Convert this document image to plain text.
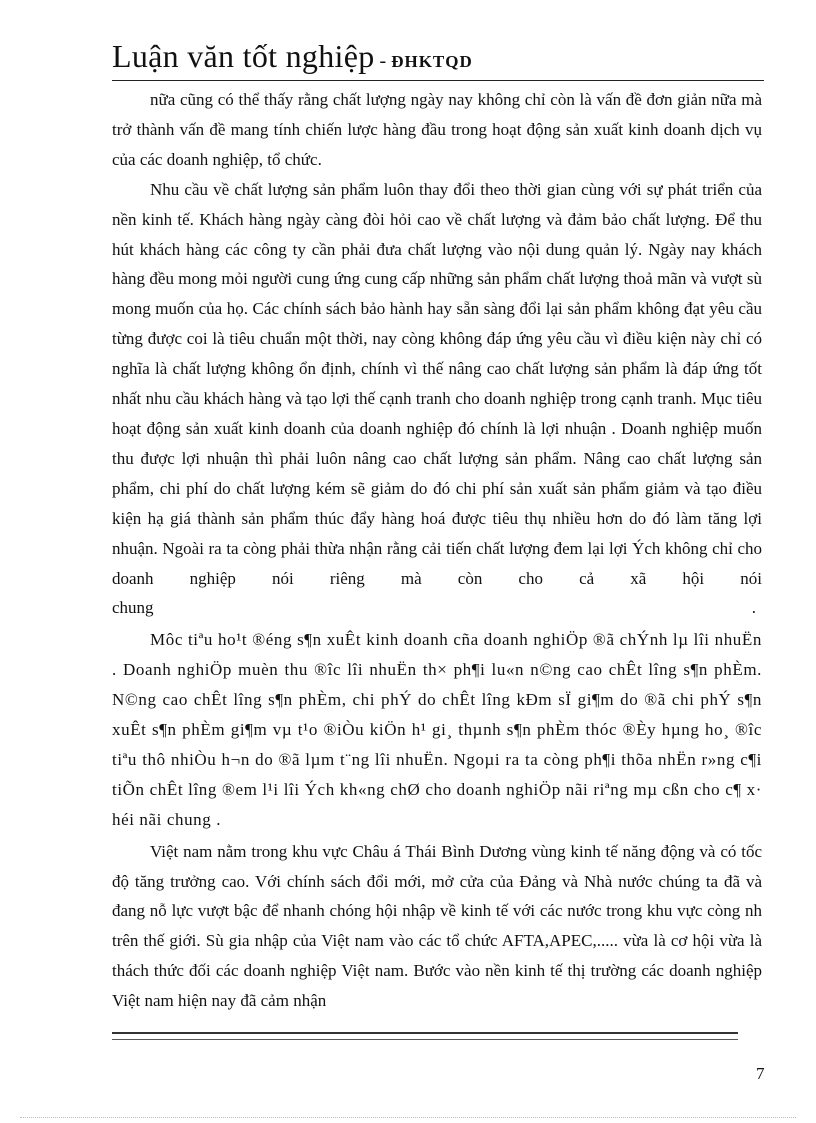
Luận văn tốt nghiệp - ĐHKTQD

nữa cũng có thể thấy rằng chất lượng ngày nay không chỉ còn là vấn đề đơn giản nữa mà trở thành vấn đề mang tính chiến lược hàng đầu trong hoạt động sản xuất kinh doanh dịch vụ của các doanh nghiệp, tổ chức.

Nhu cầu về chất lượng sản phẩm luôn thay đổi theo thời gian cùng với sự phát triển của nền kinh tế. Khách hàng ngày càng đòi hỏi cao về chất lượng và đảm bảo chất lượng. Để thu hút khách hàng các công ty cần phải đưa chất lượng vào nội dung quản lý. Ngày nay khách hàng đều mong mỏi người cung ứng cung cấp những sản phẩm chất lượng thoả mãn và vượt sù mong muốn của họ. Các chính sách bảo hành hay sẵn sàng đổi lại sản phẩm không đạt yêu cầu từng được coi là tiêu chuẩn một thời, nay còng không đáp ứng yêu cầu vì điều kiện này chỉ có nghĩa là chất lượng không ổn định, chính vì thế nâng cao chất lượng sản phẩm là đáp ứng tốt nhất nhu cầu khách hàng và tạo lợi thế cạnh tranh cho doanh nghiệp trong cạnh tranh. Mục tiêu hoạt động sản xuất kinh doanh của doanh nghiệp đó chính là lợi nhuận . Doanh nghiệp muốn thu được lợi nhuận thì phải luôn nâng cao chất lượng sản phẩm. Nâng cao chất lượng sản phẩm, chi phí do chất lượng kém sẽ giảm do đó chi phí sản xuất sản phẩm giảm và tạo điều kiện hạ giá thành sản phẩm thúc đẩy hàng hoá được tiêu thụ nhiều hơn do đó làm tăng lợi nhuận. Ngoài ra ta còng phải thừa nhận rằng cải tiến chất lượng đem lại lợi Ých không chỉ cho doanh nghiệp nói riêng mà còn cho cả xã hội nói

chung	.

Môc tiªu ho¹t ®éng s¶n xuÊt kinh doanh cña doanh nghiÖp ®ã chÝnh lµ lîi nhuËn . Doanh nghiÖp muèn thu ®îc lîi nhuËn th× ph¶i lu«n n©ng cao chÊt lîng s¶n phÈm. N©ng cao chÊt lîng s¶n phÈm, chi phÝ do chÊt lîng kÐm sÏ gi¶m do ®ã chi phÝ s¶n xuÊt s¶n phÈm gi¶m vµ t¹o ®iÒu kiÖn h¹ gi¸ thµnh s¶n phÈm thóc ®Èy hµng ho¸ ®îc tiªu thô nhiÒu h¬n do ®ã lµm t¨ng lîi nhuËn. Ngoµi ra ta còng ph¶i thõa nhËn r»ng c¶i tiÕn chÊt lîng ®em l¹i lîi Ých kh«ng chØ cho doanh nghiÖp nãi riªng mµ cßn cho c¶ x· héi nãi chung .

Việt nam nằm trong khu vực Châu á Thái Bình Dương vùng kinh tế năng động và có tốc độ tăng trưởng cao. Với chính sách đổi mới, mở cửa của Đảng và Nhà nước chúng ta đã và đang nỗ lực vượt bậc để nhanh chóng hội nhập về kinh tế với các nước trong khu vực còng nh trên thế giới. Sù gia nhập của Việt nam vào các tổ chức AFTA,APEC,..... vừa là cơ hội vừa là thách thức đối các doanh nghiệp Việt nam. Bước vào nền kinh tế thị trường các doanh nghiệp Việt nam hiện nay đã cảm nhận

7
